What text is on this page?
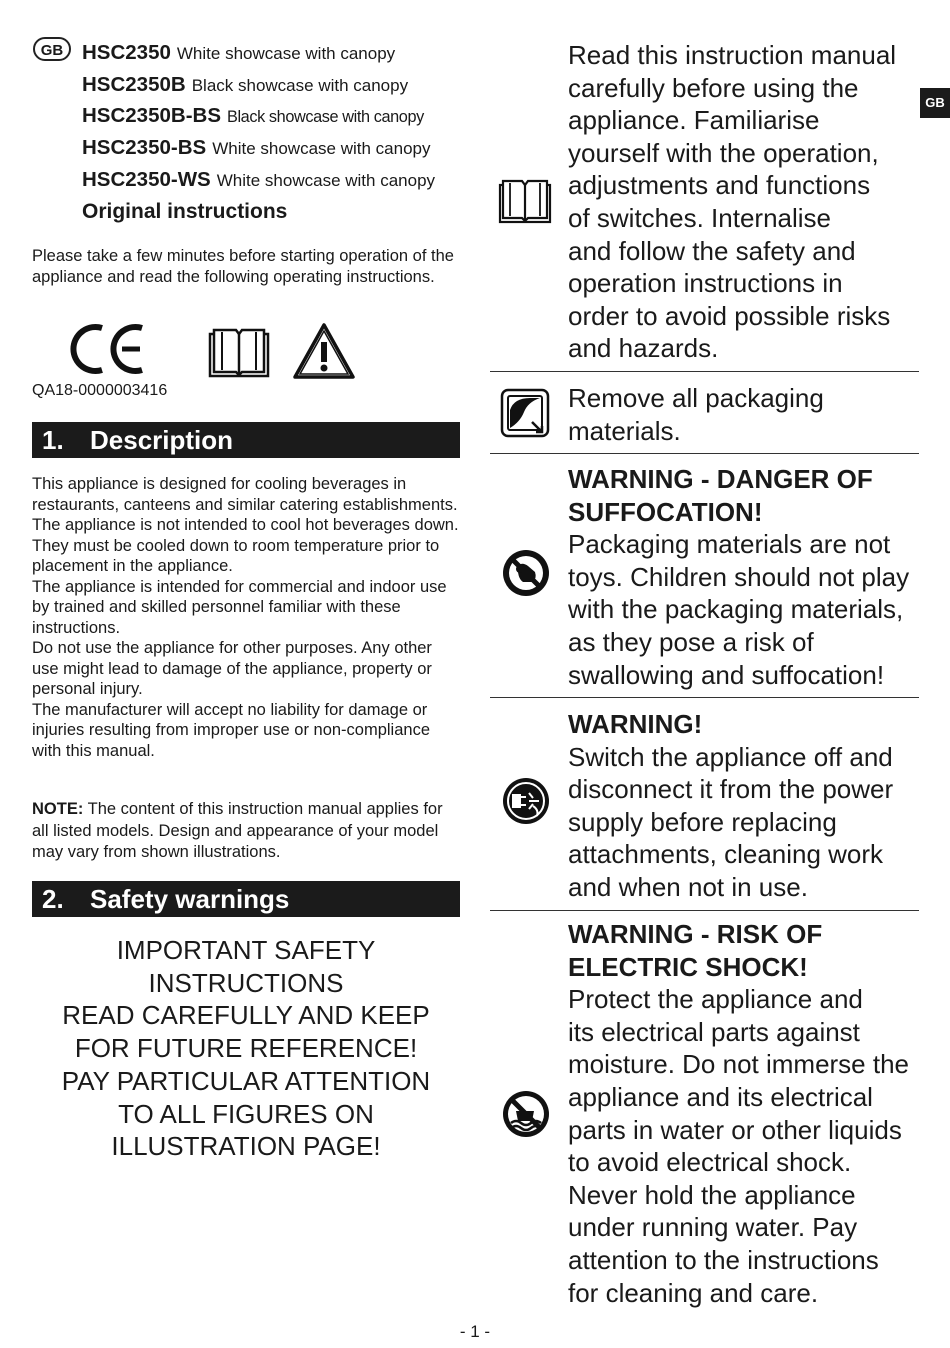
GB HSC2350 White showcase with canopy
HSC2350B Black showcase with canopy
HSC2350B-BS Black showcase with canopy
HSC2350-BS White showcase with canopy
HSC2350-WS White showcase with canopy
Original instructions
Please take a few minutes before starting operation of the appliance and read the following operating instructions.
QA18-0000003416
1. Description
This appliance is designed for cooling beverages in restaurants, canteens and similar catering establishments.
The appliance is not intended to cool hot beverages down. They must be cooled down to room temperature prior to placement in the appliance.
The appliance is intended for commercial and indoor use by trained and skilled personnel familiar with these instructions.
Do not use the appliance for other purposes. Any other use might lead to damage of the appliance, property or personal injury.
The manufacturer will accept no liability for damage or injuries resulting from improper use or non-compliance with this manual.
NOTE: The content of this instruction manual applies for all listed models. Design and appearance of your model may vary from shown illustrations.
2. Safety warnings
IMPORTANT SAFETY
INSTRUCTIONS
READ CAREFULLY AND KEEP
FOR FUTURE REFERENCE!
PAY PARTICULAR ATTENTION
TO ALL FIGURES ON
ILLUSTRATION PAGE!
GB
Read this instruction manual
carefully before using the
appliance. Familiarise
yourself with the operation,
adjustments and functions
of switches. Internalise
and follow the safety and
operation instructions in
order to avoid possible risks
and hazards.
Remove all packaging
materials.
WARNING - DANGER OF
SUFFOCATION!
Packaging materials are not
toys. Children should not play
with the packaging materials,
as they pose a risk of
swallowing and suffocation!
WARNING!
Switch the appliance off and
disconnect it from the power
supply before replacing
attachments, cleaning work
and when not in use.
WARNING - RISK OF
ELECTRIC SHOCK!
Protect the appliance and
its electrical parts against
moisture. Do not immerse the
appliance and its electrical
parts in water or other liquids
to avoid electrical shock.
Never hold the appliance
under running water. Pay
attention to the instructions
for cleaning and care.
- 1 -
